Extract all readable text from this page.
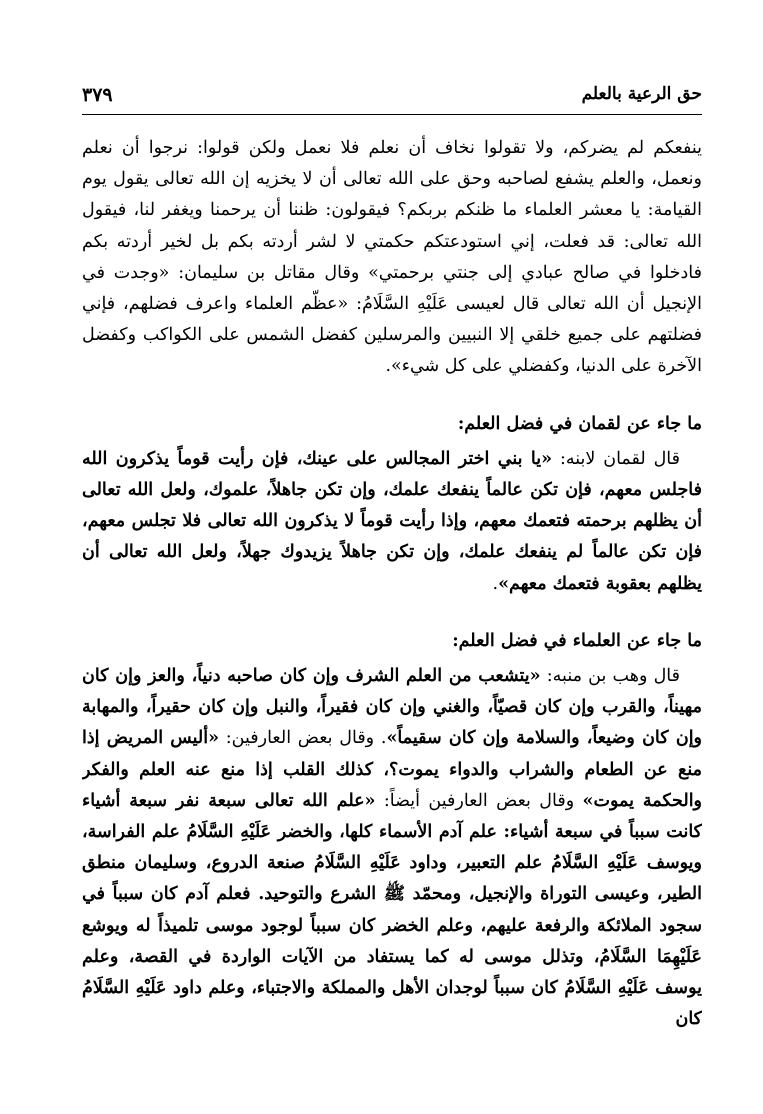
حق الرعية بالعلم
٣٧٩

ينفعكم لم يضركم، ولا تقولوا نخاف أن نعلم فلا نعمل ولكن قولوا: نرجوا أن نعلم ونعمل، والعلم يشفع لصاحبه وحق على الله تعالى أن لا يخزيه إن الله تعالى يقول يوم القيامة: يا معشر العلماء ما ظنكم بربكم؟ فيقولون: ظننا أن يرحمنا ويغفر لنا، فيقول الله تعالى: قد فعلت، إني استودعتكم حكمتي لا لشر أردته بكم بل لخير أردته بكم فادخلوا في صالح عبادي إلى جنتي برحمتي» وقال مقاتل بن سليمان: «وجدت في الإنجيل أن الله تعالى قال لعيسى عَلَيْهِ السَّلَامُ: «عظّم العلماء واعرف فضلهم، فإني فضلتهم على جميع خلقي إلا النبيين والمرسلين كفضل الشمس على الكواكب وكفضل الآخرة على الدنيا، وكفضلي على كل شيء».

ما جاء عن لقمان في فضل العلم:

قال لقمان لابنه: «يا بني اختر المجالس على عينك، فإن رأيت قوماً يذكرون الله فاجلس معهم، فإن تكن عالماً ينفعك علمك، وإن تكن جاهلاً، علموك، ولعل الله تعالى أن يظلهم برحمته فتعمك معهم، وإذا رأيت قوماً لا يذكرون الله تعالى فلا تجلس معهم، فإن تكن عالماً لم ينفعك علمك، وإن تكن جاهلاً يزيدوك جهلاً، ولعل الله تعالى أن يظلهم بعقوبة فتعمك معهم».

ما جاء عن العلماء في فضل العلم:

قال وهب بن منبه: «يتشعب من العلم الشرف وإن كان صاحبه دنياً، والعز وإن كان مهيناً، والقرب وإن كان قصيّاً، والغني وإن كان فقيراً، والنبل وإن كان حقيراً، والمهابة وإن كان وضيعاً، والسلامة وإن كان سقيماً». وقال بعض العارفين: «أليس المريض إذا منع عن الطعام والشراب والدواء يموت؟، كذلك القلب إذا منع عنه العلم والفكر والحكمة يموت» وقال بعض العارفين أيضاً: «علم الله تعالى سبعة نفر سبعة أشياء كانت سبباً في سبعة أشياء: علم آدم الأسماء كلها، والخضر عَلَيْهِ السَّلَامُ علم الفراسة، ويوسف عَلَيْهِ السَّلَامُ علم التعبير، وداود عَلَيْهِ السَّلَامُ صنعة الدروع، وسليمان منطق الطير، وعيسى التوراة والإنجيل، ومحمّد ﷺ الشرع والتوحيد. فعلم آدم كان سبباً في سجود الملائكة والرفعة عليهم، وعلم الخضر كان سبباً لوجود موسى تلميذاً له ويوشع عَلَيْهِمَا السَّلَامُ، وتذلل موسى له كما يستفاد من الآيات الواردة في القصة، وعلم يوسف عَلَيْهِ السَّلَامُ كان سبباً لوجدان الأهل والمملكة والاجتباء، وعلم داود عَلَيْهِ السَّلَامُ كان
